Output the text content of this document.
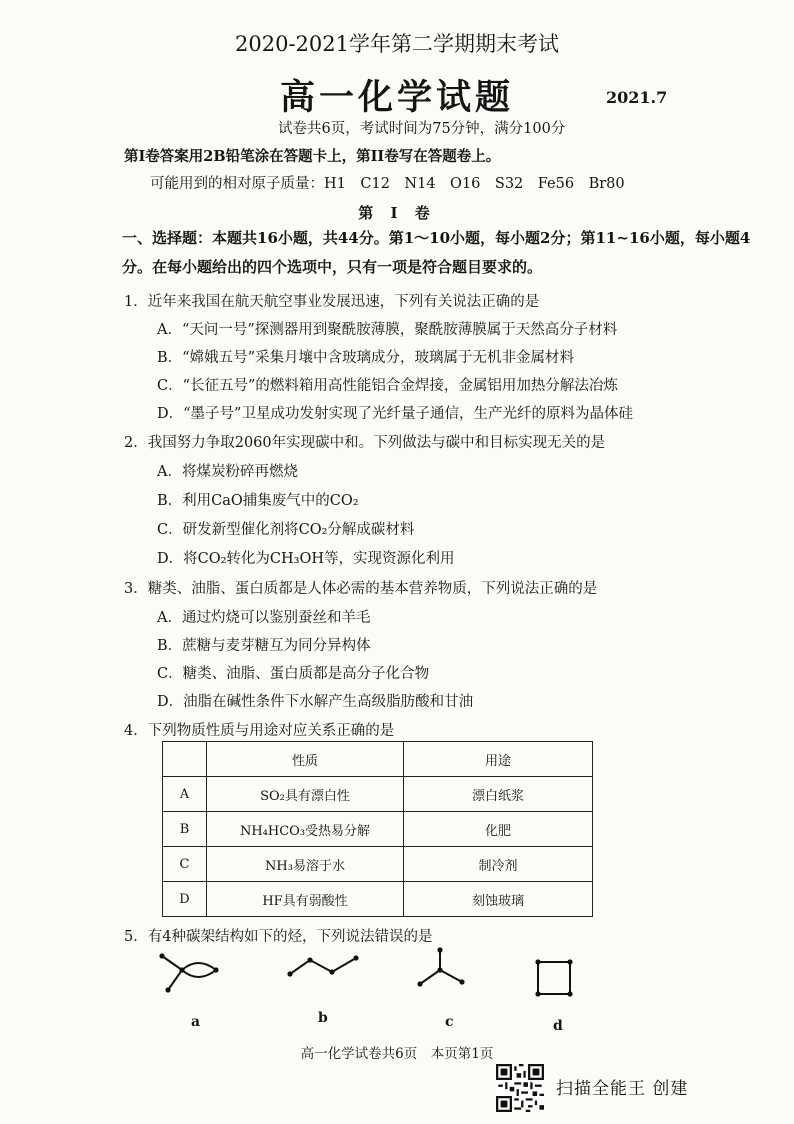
2020-2021学年第二学期期末考试
高一化学试题	2021.7
试卷共6页，考试时间为75分钟，满分100分
第I卷答案用2B铅笔涂在答题卡上，第II卷写在答题卷上。
可能用到的相对原子质量：H1　C12　N14　O16　S32　Fe56　Br80
第 I 卷
一、选择题：本题共16小题，共44分。第1～10小题，每小题2分；第11~16小题，每小题4分。在每小题给出的四个选项中，只有一项是符合题目要求的。
1．近年来我国在航天航空事业发展迅速，下列有关说法正确的是
A．“天问一号”探测器用到聚酰胺薄膜，聚酰胺薄膜属于天然高分子材料
B．“嫦娥五号”采集月壤中含玻璃成分，玻璃属于无机非金属材料
C．“长征五号”的燃料箱用高性能铝合金焊接，金属铝用加热分解法冶炼
D．“墨子号”卫星成功发射实现了光纤量子通信，生产光纤的原料为晶体硅
2．我国努力争取2060年实现碳中和。下列做法与碳中和目标实现无关的是
A．将煤炭粉碎再燃烧
B．利用CaO捕集废气中的CO₂
C．研发新型催化剂将CO₂分解成碳材料
D．将CO₂转化为CH₃OH等，实现资源化利用
3．糖类、油脂、蛋白质都是人体必需的基本营养物质，下列说法正确的是
A．通过灼烧可以鉴别蚕丝和羊毛
B．蔗糖与麦芽糖互为同分异构体
C．糖类、油脂、蛋白质都是高分子化合物
D．油脂在碱性条件下水解产生高级脂肪酸和甘油
4．下列物质性质与用途对应关系正确的是
	性质	用途
A	SO₂具有漂白性	漂白纸浆
B	NH₄HCO₃受热易分解	化肥
C	NH₃易溶于水	制冷剂
D	HF具有弱酸性	刻蚀玻璃
5．有4种碳架结构如下的烃，下列说法错误的是
a	b	c	d
高一化学试卷共6页　本页第1页
扫描全能王 创建
